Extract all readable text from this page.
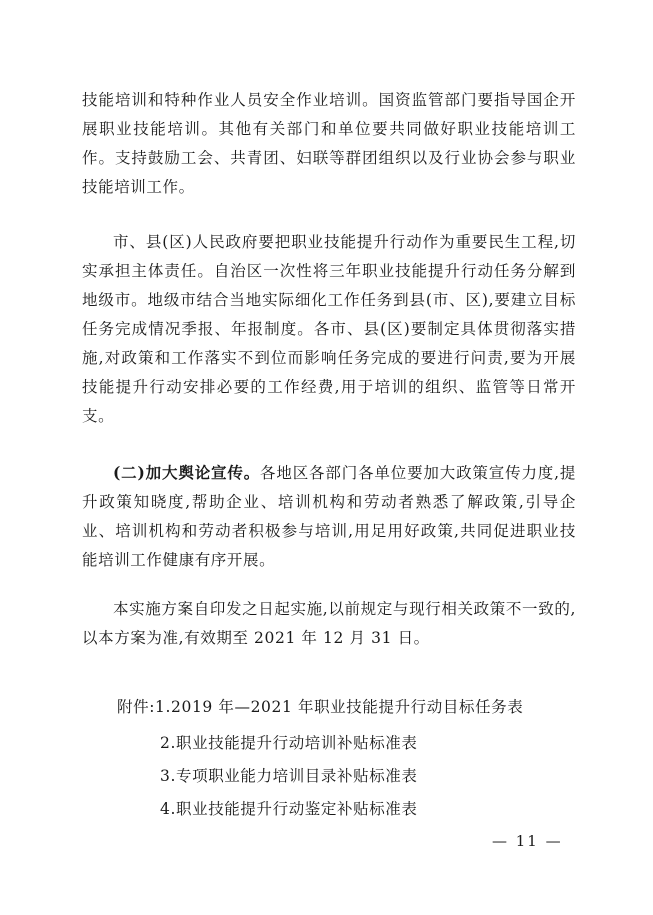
技能培训和特种作业人员安全作业培训。国资监管部门要指导国企开展职业技能培训。其他有关部门和单位要共同做好职业技能培训工作。支持鼓励工会、共青团、妇联等群团组织以及行业协会参与职业技能培训工作。

市、县(区)人民政府要把职业技能提升行动作为重要民生工程,切实承担主体责任。自治区一次性将三年职业技能提升行动任务分解到地级市。地级市结合当地实际细化工作任务到县(市、区),要建立目标任务完成情况季报、年报制度。各市、县(区)要制定具体贯彻落实措施,对政策和工作落实不到位而影响任务完成的要进行问责,要为开展技能提升行动安排必要的工作经费,用于培训的组织、监管等日常开支。

(二)加大舆论宣传。各地区各部门各单位要加大政策宣传力度,提升政策知晓度,帮助企业、培训机构和劳动者熟悉了解政策,引导企业、培训机构和劳动者积极参与培训,用足用好政策,共同促进职业技能培训工作健康有序开展。

本实施方案自印发之日起实施,以前规定与现行相关政策不一致的,以本方案为准,有效期至 2021 年 12 月 31 日。

附件:1.2019 年—2021 年职业技能提升行动目标任务表
2.职业技能提升行动培训补贴标准表
3.专项职业能力培训目录补贴标准表
4.职业技能提升行动鉴定补贴标准表
— 11 —
